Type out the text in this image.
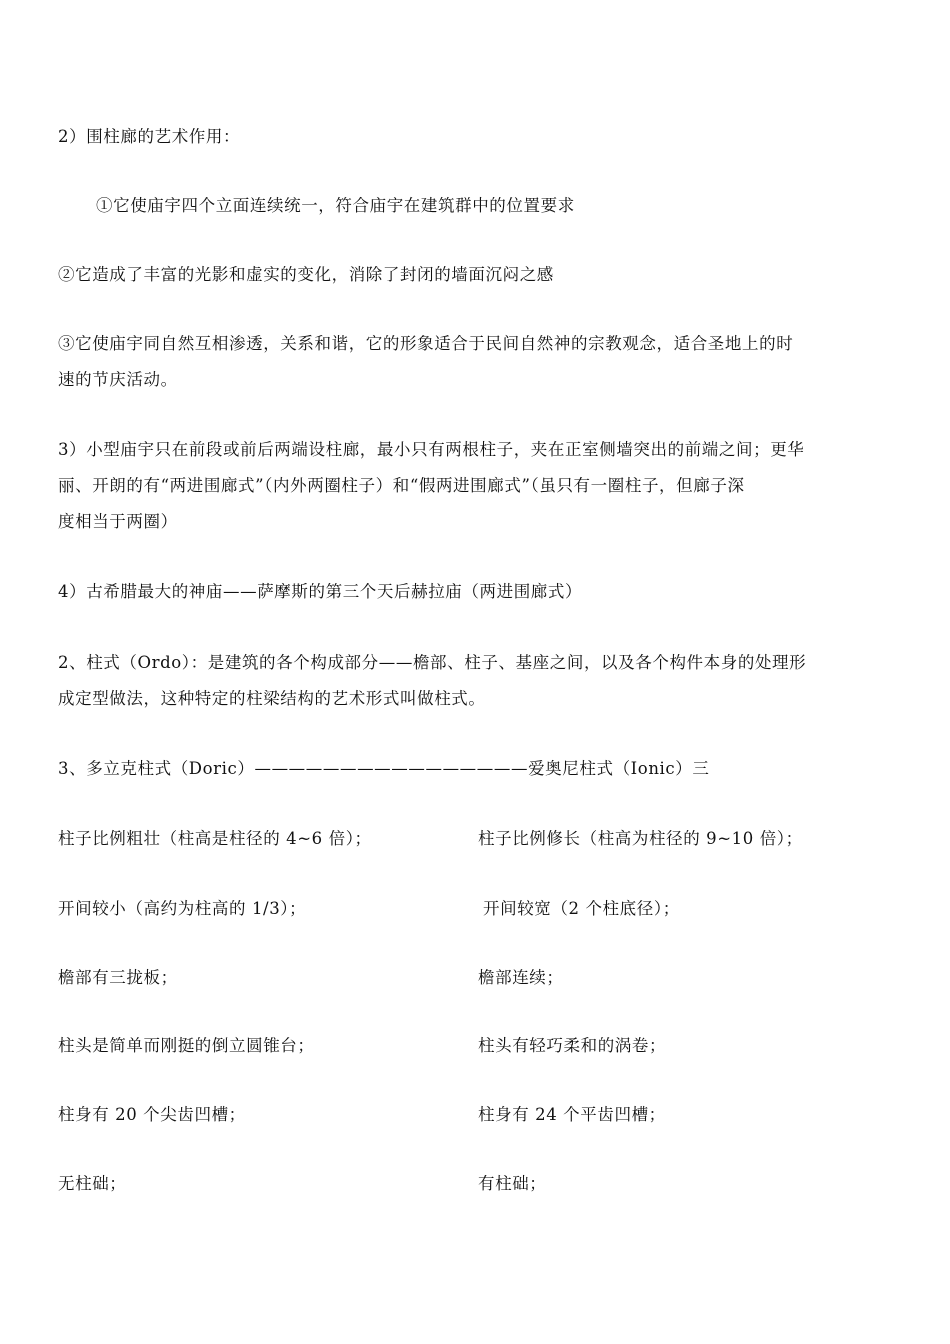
2）围柱廊的艺术作用：
①它使庙宇四个立面连续统一，符合庙宇在建筑群中的位置要求
②它造成了丰富的光影和虚实的变化，消除了封闭的墙面沉闷之感
③它使庙宇同自然互相渗透，关系和谐，它的形象适合于民间自然神的宗教观念，适合圣地上的时
速的节庆活动。
3）小型庙宇只在前段或前后两端设柱廊，最小只有两根柱子，夹在正室侧墙突出的前端之间；更华
丽、开朗的有“两进围廊式”（内外两圈柱子）和“假两进围廊式”（虽只有一圈柱子，但廊子深
度相当于两圈）
4）古希腊最大的神庙——萨摩斯的第三个天后赫拉庙（两进围廊式）
2、柱式（Ordo）：是建筑的各个构成部分——檐部、柱子、基座之间，以及各个构件本身的处理形
成定型做法，这种特定的柱梁结构的艺术形式叫做柱式。
3、多立克柱式（Doric）————————————————爱奥尼柱式（Ionic）三
柱子比例粗壮（柱高是柱径的 4~6 倍）；	柱子比例修长（柱高为柱径的 9~10 倍）；
开间较小（高约为柱高的 1/3）；	开间较宽（2 个柱底径）；
檐部有三拢板；	檐部连续；
柱头是简单而刚挺的倒立圆锥台；	柱头有轻巧柔和的涡卷；
柱身有 20 个尖齿凹槽；	柱身有 24 个平齿凹槽；
无柱础；	有柱础；
